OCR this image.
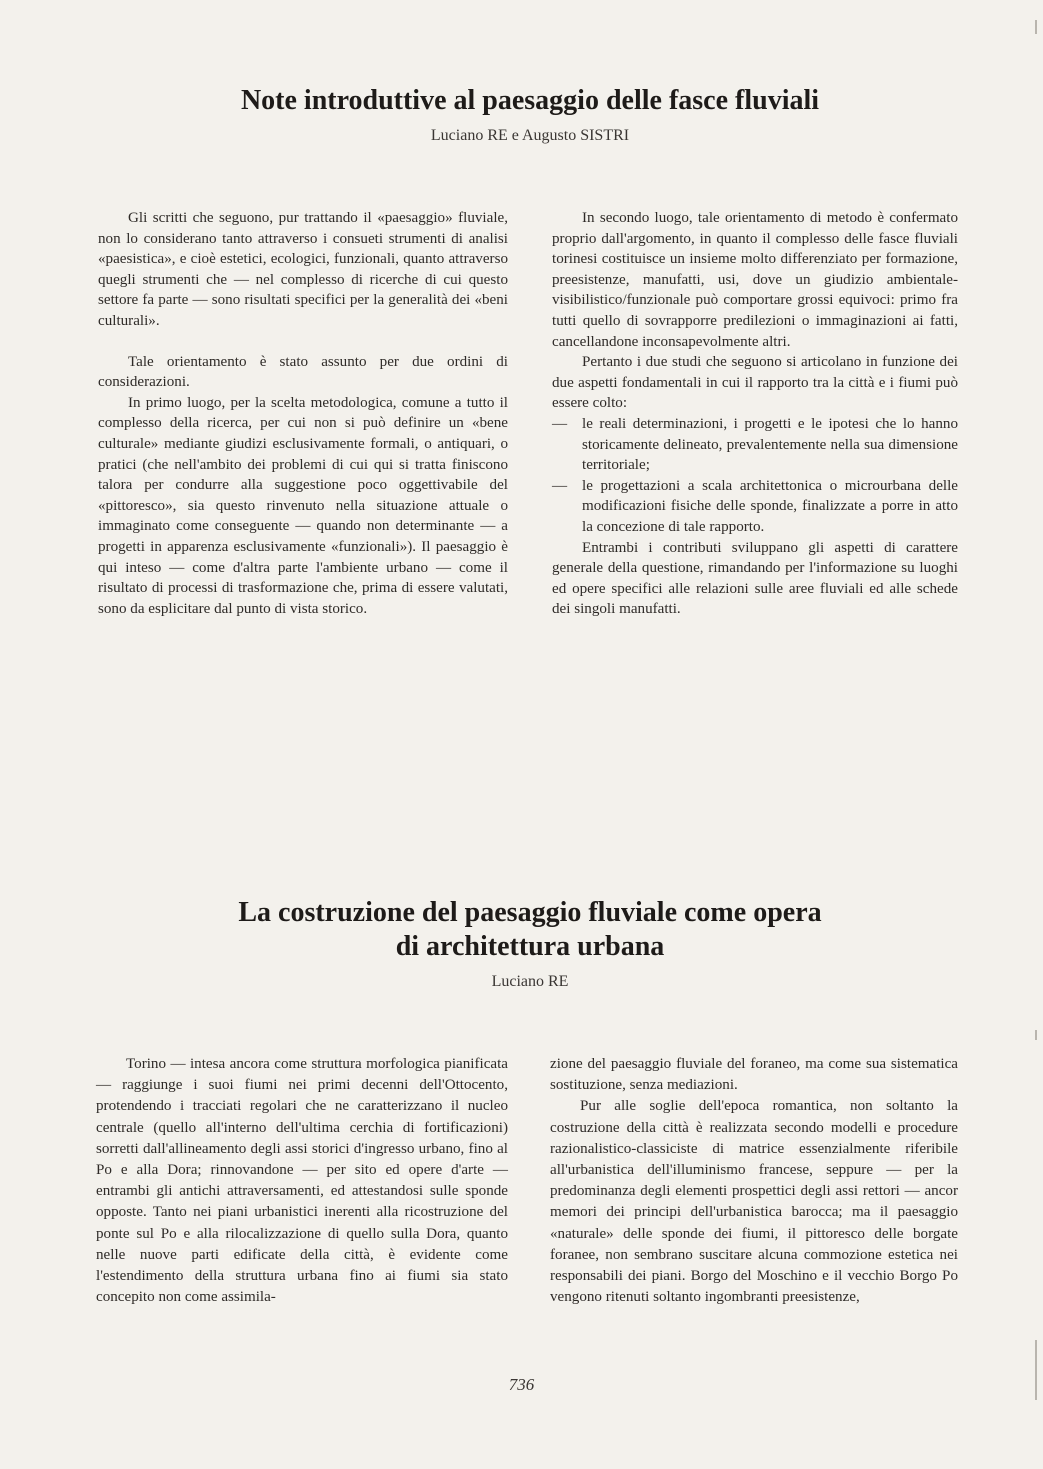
Note introduttive al paesaggio delle fasce fluviali
Luciano RE e Augusto SISTRI

Gli scritti che seguono, pur trattando il «paesaggio» fluviale, non lo considerano tanto attraverso i consueti strumenti di analisi «paesistica», e cioè estetici, ecologici, funzionali, quanto attraverso quegli strumenti che — nel complesso di ricerche di cui questo settore fa parte — sono risultati specifici per la generalità dei «beni culturali».

Tale orientamento è stato assunto per due ordini di considerazioni.

In primo luogo, per la scelta metodologica, comune a tutto il complesso della ricerca, per cui non si può definire un «bene culturale» mediante giudizi esclusivamente formali, o antiquari, o pratici (che nell'ambito dei problemi di cui qui si tratta finiscono talora per condurre alla suggestione poco oggettivabile del «pittoresco», sia questo rinvenuto nella situazione attuale o immaginato come conseguente — quando non determinante — a progetti in apparenza esclusivamente «funzionali»). Il paesaggio è qui inteso — come d'altra parte l'ambiente urbano — come il risultato di processi di trasformazione che, prima di essere valutati, sono da esplicitare dal punto di vista storico.

In secondo luogo, tale orientamento di metodo è confermato proprio dall'argomento, in quanto il complesso delle fasce fluviali torinesi costituisce un insieme molto differenziato per formazione, preesistenze, manufatti, usi, dove un giudizio ambientale-visibilistico/funzionale può comportare grossi equivoci: primo fra tutti quello di sovrapporre predilezioni o immaginazioni ai fatti, cancellandone inconsapevolmente altri.

Pertanto i due studi che seguono si articolano in funzione dei due aspetti fondamentali in cui il rapporto tra la città e i fiumi può essere colto:

— le reali determinazioni, i progetti e le ipotesi che lo hanno storicamente delineato, prevalentemente nella sua dimensione territoriale;
— le progettazioni a scala architettonica o microurbana delle modificazioni fisiche delle sponde, finalizzate a porre in atto la concezione di tale rapporto.

Entrambi i contributi sviluppano gli aspetti di carattere generale della questione, rimandando per l'informazione su luoghi ed opere specifici alle relazioni sulle aree fluviali ed alle schede dei singoli manufatti.

La costruzione del paesaggio fluviale come opera
di architettura urbana
Luciano RE

Torino — intesa ancora come struttura morfologica pianificata — raggiunge i suoi fiumi nei primi decenni dell'Ottocento, protendendo i tracciati regolari che ne caratterizzano il nucleo centrale (quello all'interno dell'ultima cerchia di fortificazioni) sorretti dall'allineamento degli assi storici d'ingresso urbano, fino al Po e alla Dora; rinnovandone — per sito ed opere d'arte — entrambi gli antichi attraversamenti, ed attestandosi sulle sponde opposte. Tanto nei piani urbanistici inerenti alla ricostruzione del ponte sul Po e alla rilocalizzazione di quello sulla Dora, quanto nelle nuove parti edificate della città, è evidente come l'estendimento della struttura urbana fino ai fiumi sia stato concepito non come assimila-

zione del paesaggio fluviale del foraneo, ma come sua sistematica sostituzione, senza mediazioni.

Pur alle soglie dell'epoca romantica, non soltanto la costruzione della città è realizzata secondo modelli e procedure razionalistico-classiciste di matrice essenzialmente riferibile all'urbanistica dell'illuminismo francese, seppure — per la predominanza degli elementi prospettici degli assi rettori — ancor memori dei principi dell'urbanistica barocca; ma il paesaggio «naturale» delle sponde dei fiumi, il pittoresco delle borgate foranee, non sembrano suscitare alcuna commozione estetica nei responsabili dei piani. Borgo del Moschino e il vecchio Borgo Po vengono ritenuti soltanto ingombranti preesistenze,

736
